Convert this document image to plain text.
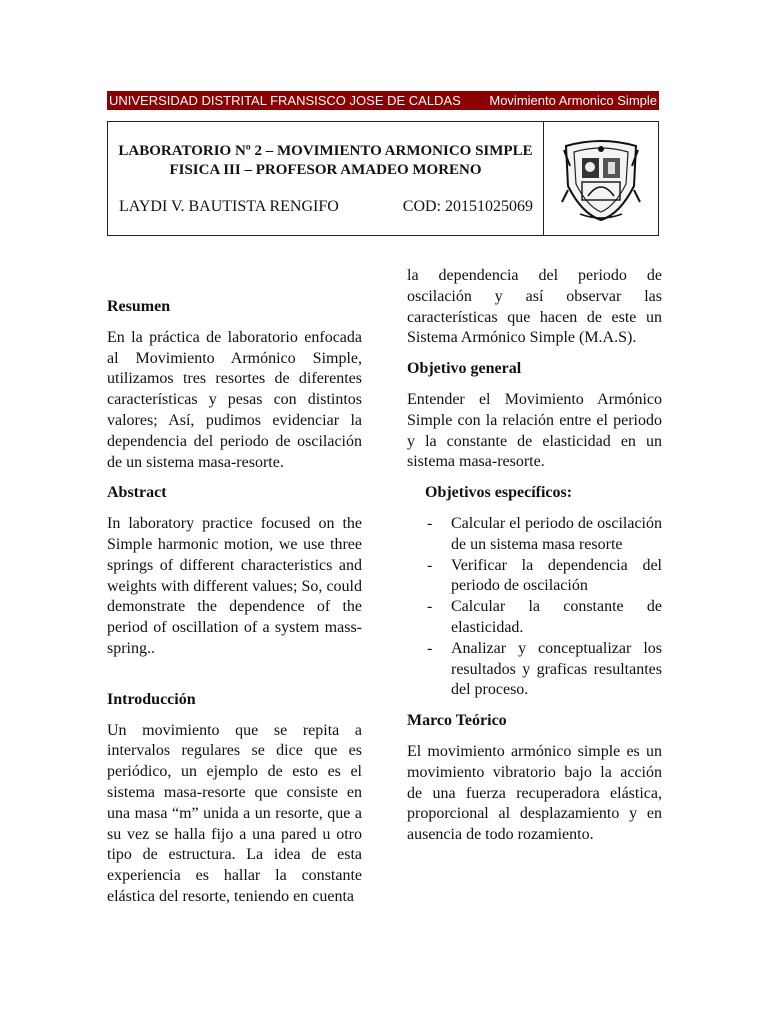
UNIVERSIDAD DISTRITAL FRANSISCO JOSE DE CALDAS Movimiento Armonico Simple
LABORATORIO Nº 2 – MOVIMIENTO ARMONICO SIMPLE
FISICA III – PROFESOR AMADEO MORENO
LAYDI V. BAUTISTA RENGIFO	COD: 20151025069
Resumen

En la práctica de laboratorio enfocada al Movimiento Armónico Simple, utilizamos tres resortes de diferentes características y pesas con distintos valores; Así, pudimos evidenciar la dependencia del periodo de oscilación de un sistema masa-resorte.

Abstract

In laboratory practice focused on the Simple harmonic motion, we use three springs of different characteristics and weights with different values; So, could demonstrate the dependence of the period of oscillation of a system mass-spring..

Introducción

Un movimiento que se repita a intervalos regulares se dice que es periódico, un ejemplo de esto es el sistema masa-resorte que consiste en una masa “m” unida a un resorte, que a su vez se halla fijo a una pared u otro tipo de estructura. La idea de esta experiencia es hallar la constante elástica del resorte, teniendo en cuenta

la dependencia del periodo de oscilación y así observar las características que hacen de este un Sistema Armónico Simple (M.A.S).

Objetivo general

Entender el Movimiento Armónico Simple con la relación entre el periodo y la constante de elasticidad en un sistema masa-resorte.

Objetivos específicos:
- Calcular el periodo de oscilación de un sistema masa resorte
- Verificar la dependencia del periodo de oscilación
- Calcular la constante de elasticidad.
- Analizar y conceptualizar los resultados y graficas resultantes del proceso.
Marco Teórico

El movimiento armónico simple es un movimiento vibratorio bajo la acción de una fuerza recuperadora elástica, proporcional al desplazamiento y en ausencia de todo rozamiento.
